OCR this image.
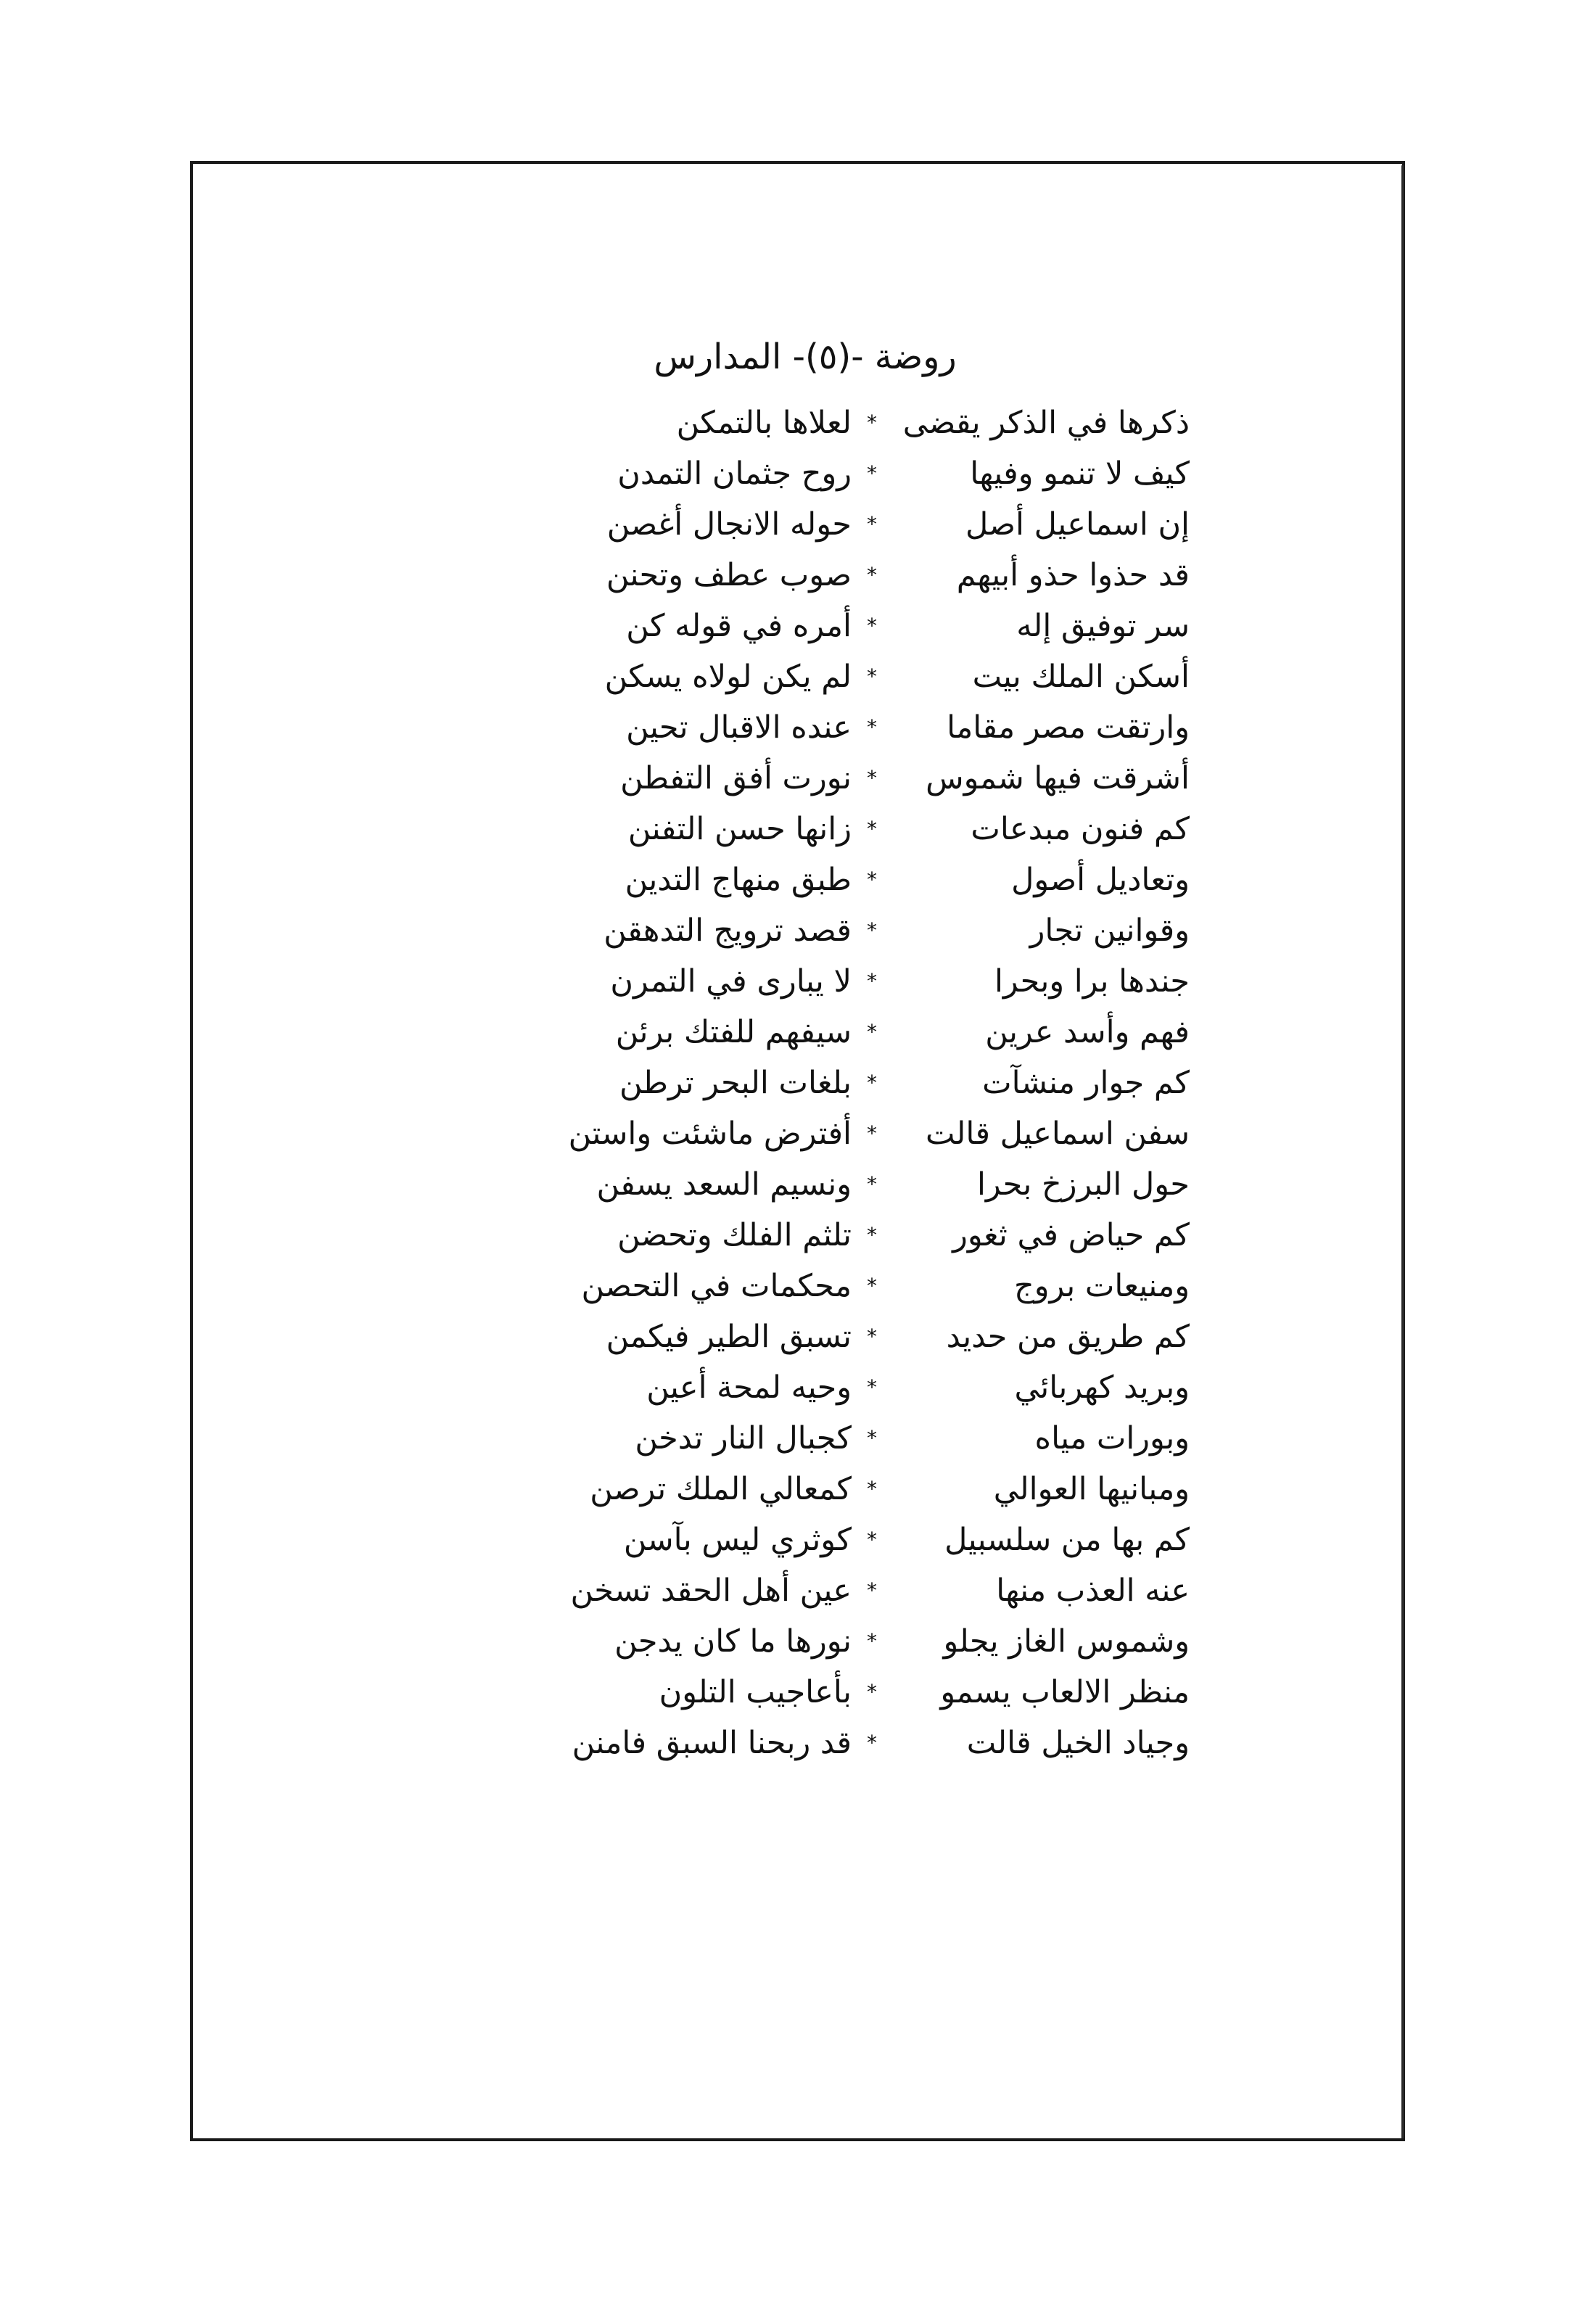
روضة -(٥)- المدارس
ذكرها في الذكر يقضى
*
لعلاها بالتمكن
كيف لا تنمو وفيها
*
روح جثمان التمدن
إن اسماعيل أصل
*
حوله الانجال أغصن
قد حذوا حذو أبيهم
*
صوب عطف وتحنن
سر توفيق إله
*
أمره في قوله كن
أسكن الملك بيت
*
لم يكن لولاه يسكن
وارتقت مصر مقاما
*
عنده الاقبال تحين
أشرقت فيها شموس
*
نورت أفق التفطن
كم فنون مبدعات
*
زانها حسن التفنن
وتعاديل أصول
*
طبق منهاج التدين
وقوانين تجار
*
قصد ترويج التدهقن
جندها برا وبحرا
*
لا يبارى في التمرن
فهم وأسد عرين
*
سيفهم للفتك برئن
كم جوار منشآت
*
بلغات البحر ترطن
سفن اسماعيل قالت
*
أفترض ماشئت واستن
حول البرزخ بحرا
*
ونسيم السعد يسفن
كم حياض في ثغور
*
تلثم الفلك وتحضن
ومنيعات بروج
*
محكمات في التحصن
كم طريق من حديد
*
تسبق الطير فيكمن
وبريد كهربائي
*
وحيه لمحة أعين
وبورات مياه
*
كجبال النار تدخن
ومبانيها العوالي
*
كمعالي الملك ترصن
كم بها من سلسبيل
*
كوثري ليس بآسن
عنه العذب منها
*
عين أهل الحقد تسخن
وشموس الغاز يجلو
*
نورها ما كان يدجن
منظر الالعاب يسمو
*
بأعاجيب التلون
وجياد الخيل قالت
*
قد ربحنا السبق فامنن
